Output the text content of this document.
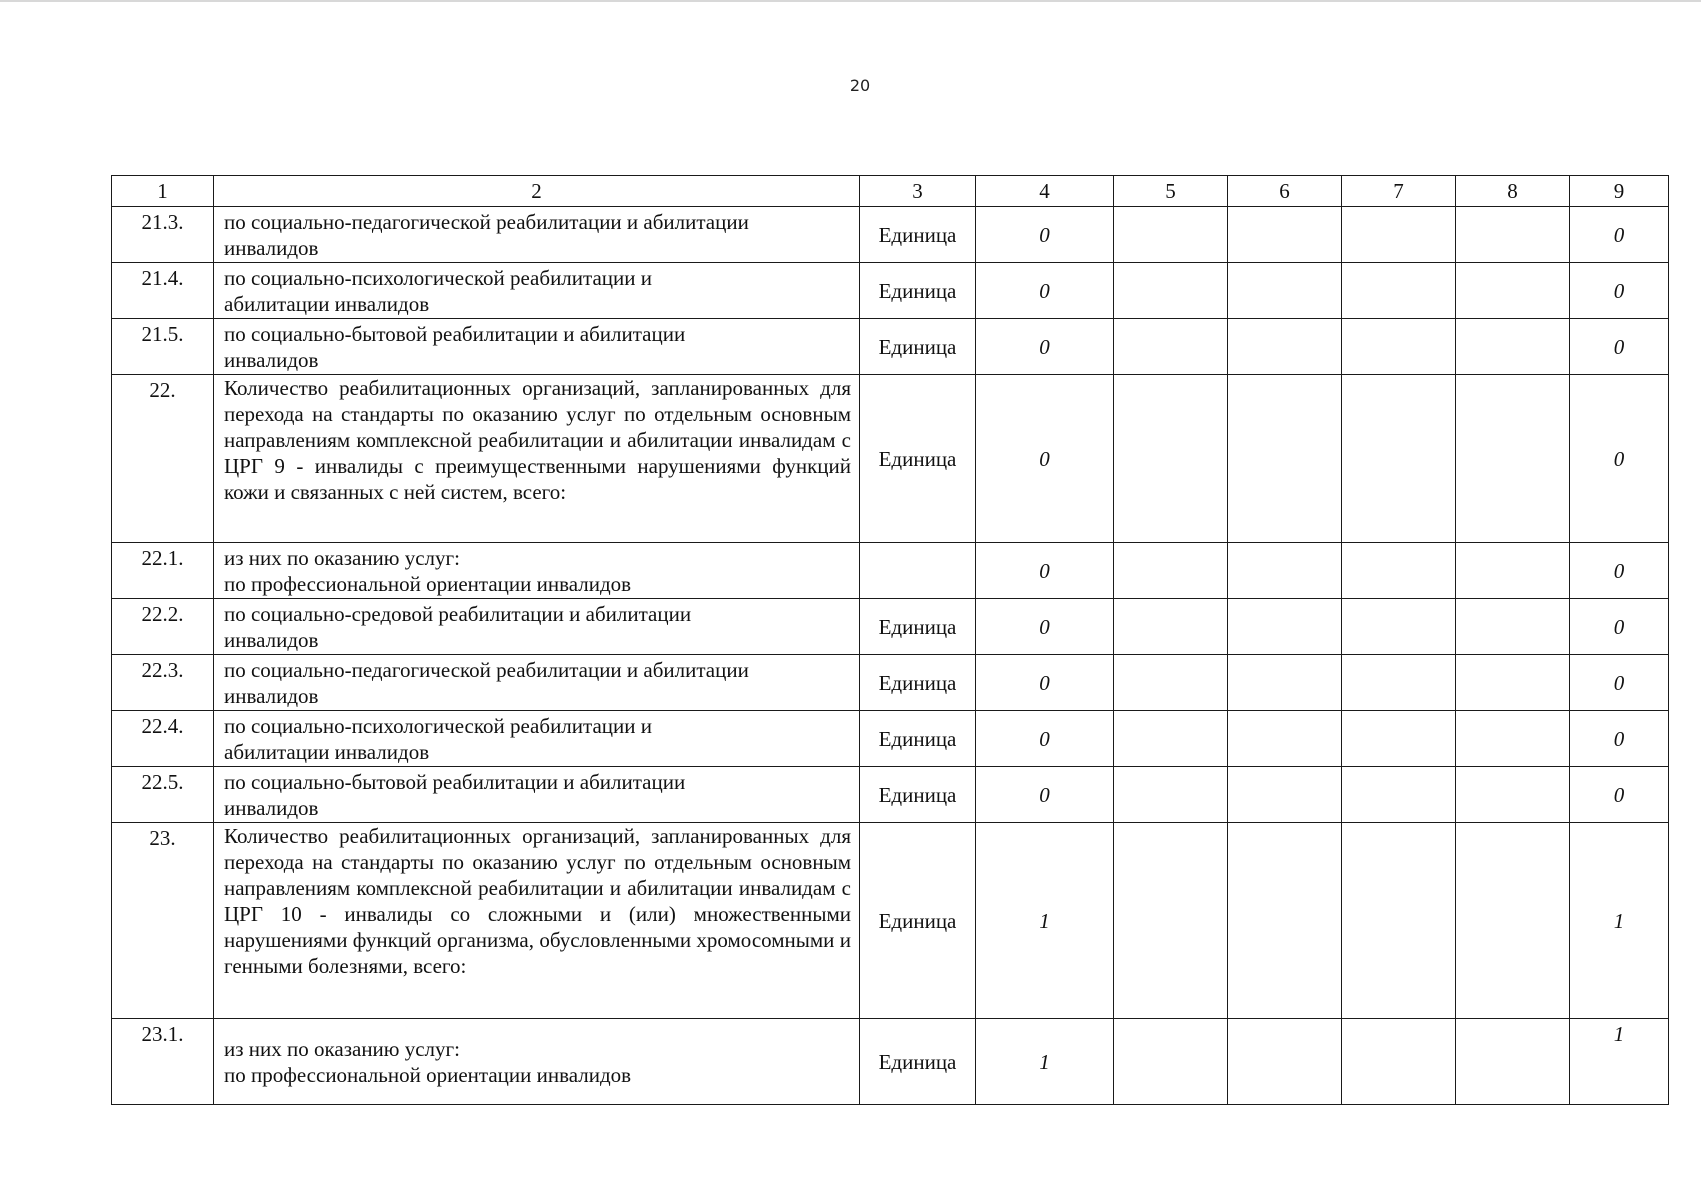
20
1	2	3	4	5	6	7	8	9
21.3.	по социально-педагогической реабилитации и абилитации
инвалидов	Единица	0					0
21.4.	по социально-психологической реабилитации и
абилитации инвалидов	Единица	0					0
21.5.	по социально-бытовой реабилитации и абилитации
инвалидов	Единица	0					0
22.	Количество реабилитационных организаций, запланированных для перехода на стандарты по оказанию услуг по отдельным основным направлениям комплексной реабилитации и абилитации инвалидам с ЦРГ 9 - инвалиды с преимущественными нарушениями функций кожи и связанных с ней систем, всего:	Единица	0					0
22.1.	из них по оказанию услуг:
по профессиональной ориентации инвалидов		0					0
22.2.	по социально-средовой реабилитации и абилитации
инвалидов	Единица	0					0
22.3.	по социально-педагогической реабилитации и абилитации
инвалидов	Единица	0					0
22.4.	по социально-психологической реабилитации и
абилитации инвалидов	Единица	0					0
22.5.	по социально-бытовой реабилитации и абилитации
инвалидов	Единица	0					0
23.	Количество реабилитационных организаций, запланированных для перехода на стандарты по оказанию услуг по отдельным основным направлениям комплексной реабилитации и абилитации инвалидам с ЦРГ 10 - инвалиды со сложными и (или) множественными нарушениями функций организма, обусловленными хромосомными и генными болезнями, всего:	Единица	1					1
23.1.	из них по оказанию услуг:
по профессиональной ориентации инвалидов	Единица	1					1
